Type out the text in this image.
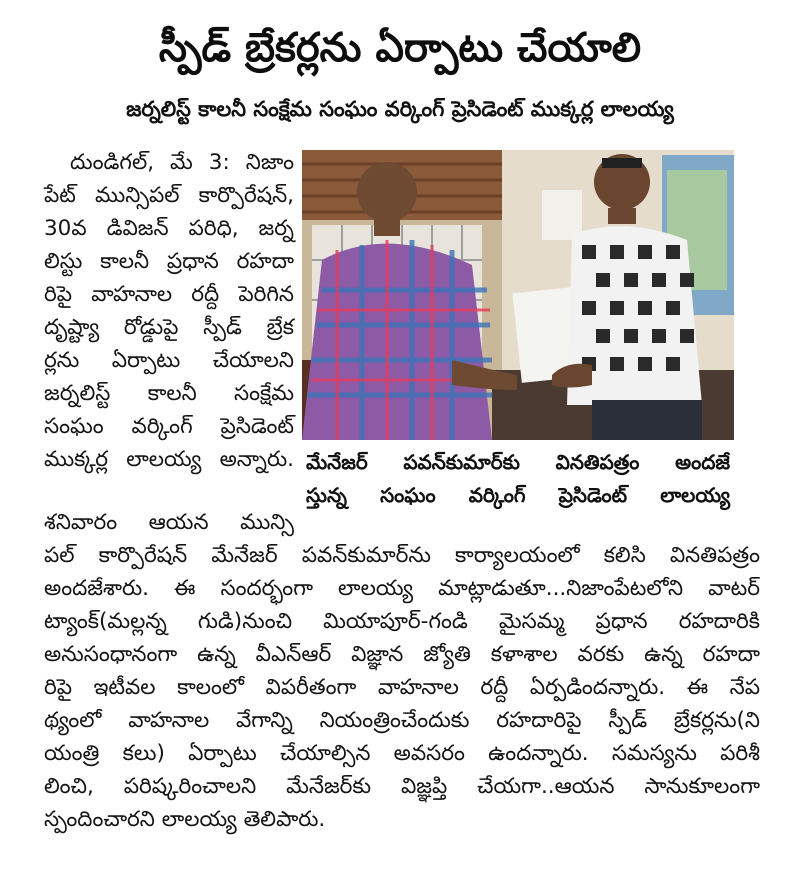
స్పీడ్ బ్రేకర్లను ఏర్పాటు చేయాలి
జర్నలిస్ట్ కాలనీ సంక్షేమ సంఘం వర్కింగ్ ప్రెసిడెంట్ ముక్కర్ల లాలయ్య
దుండిగల్, మే 3: నిజాం
పేట్ మున్సిపల్ కార్పొరేషన్,
30వ డివిజన్ పరిధి, జర్న
లిస్టు కాలనీ ప్రధాన రహదా
రిపై వాహనాల రద్దీ పెరిగిన
దృష్ట్యా రోడ్డుపై స్పీడ్ బ్రేక
ర్లను ఏర్పాటు చేయాలని
జర్నలిస్ట్ కాలనీ సంక్షేమ
సంఘం వర్కింగ్ ప్రెసిడెంట్
ముక్కర్ల లాలయ్య అన్నారు.
శనివారం ఆయన మున్సి
మేనేజర్ పవన్‌కుమార్‌కు వినతిపత్రం అందజే
స్తున్న సంఘం వర్కింగ్ ప్రెసిడెంట్ లాలయ్య
పల్ కార్పొరేషన్ మేనేజర్ పవన్‌కుమార్‌ను కార్యాలయంలో కలిసి వినతిపత్రం
అందజేశారు. ఈ సందర్భంగా లాలయ్య మాట్లాడుతూ...నిజాంపేటలోని వాటర్
ట్యాంక్(మల్లన్న గుడి)నుంచి మియాపూర్-గండి మైసమ్మ ప్రధాన రహదారికి
అనుసంధానంగా ఉన్న వీఎన్ఆర్ విజ్ఞాన జ్యోతి కళాశాల వరకు ఉన్న రహదా
రిపై ఇటీవల కాలంలో విపరీతంగా వాహనాల రద్దీ ఏర్పడిందన్నారు. ఈ నేప
థ్యంలో వాహనాల వేగాన్ని నియంత్రించేందుకు రహదారిపై స్పీడ్ బ్రేకర్లను(ని
యంత్రి కలు) ఏర్పాటు చేయాల్సిన అవసరం ఉందన్నారు. సమస్యను పరిశీ
లించి, పరిష్కరించాలని మేనేజర్‌కు విజ్ఞప్తి చేయగా..ఆయన సానుకూలంగా
స్పందించారని లాలయ్య తెలిపారు.
